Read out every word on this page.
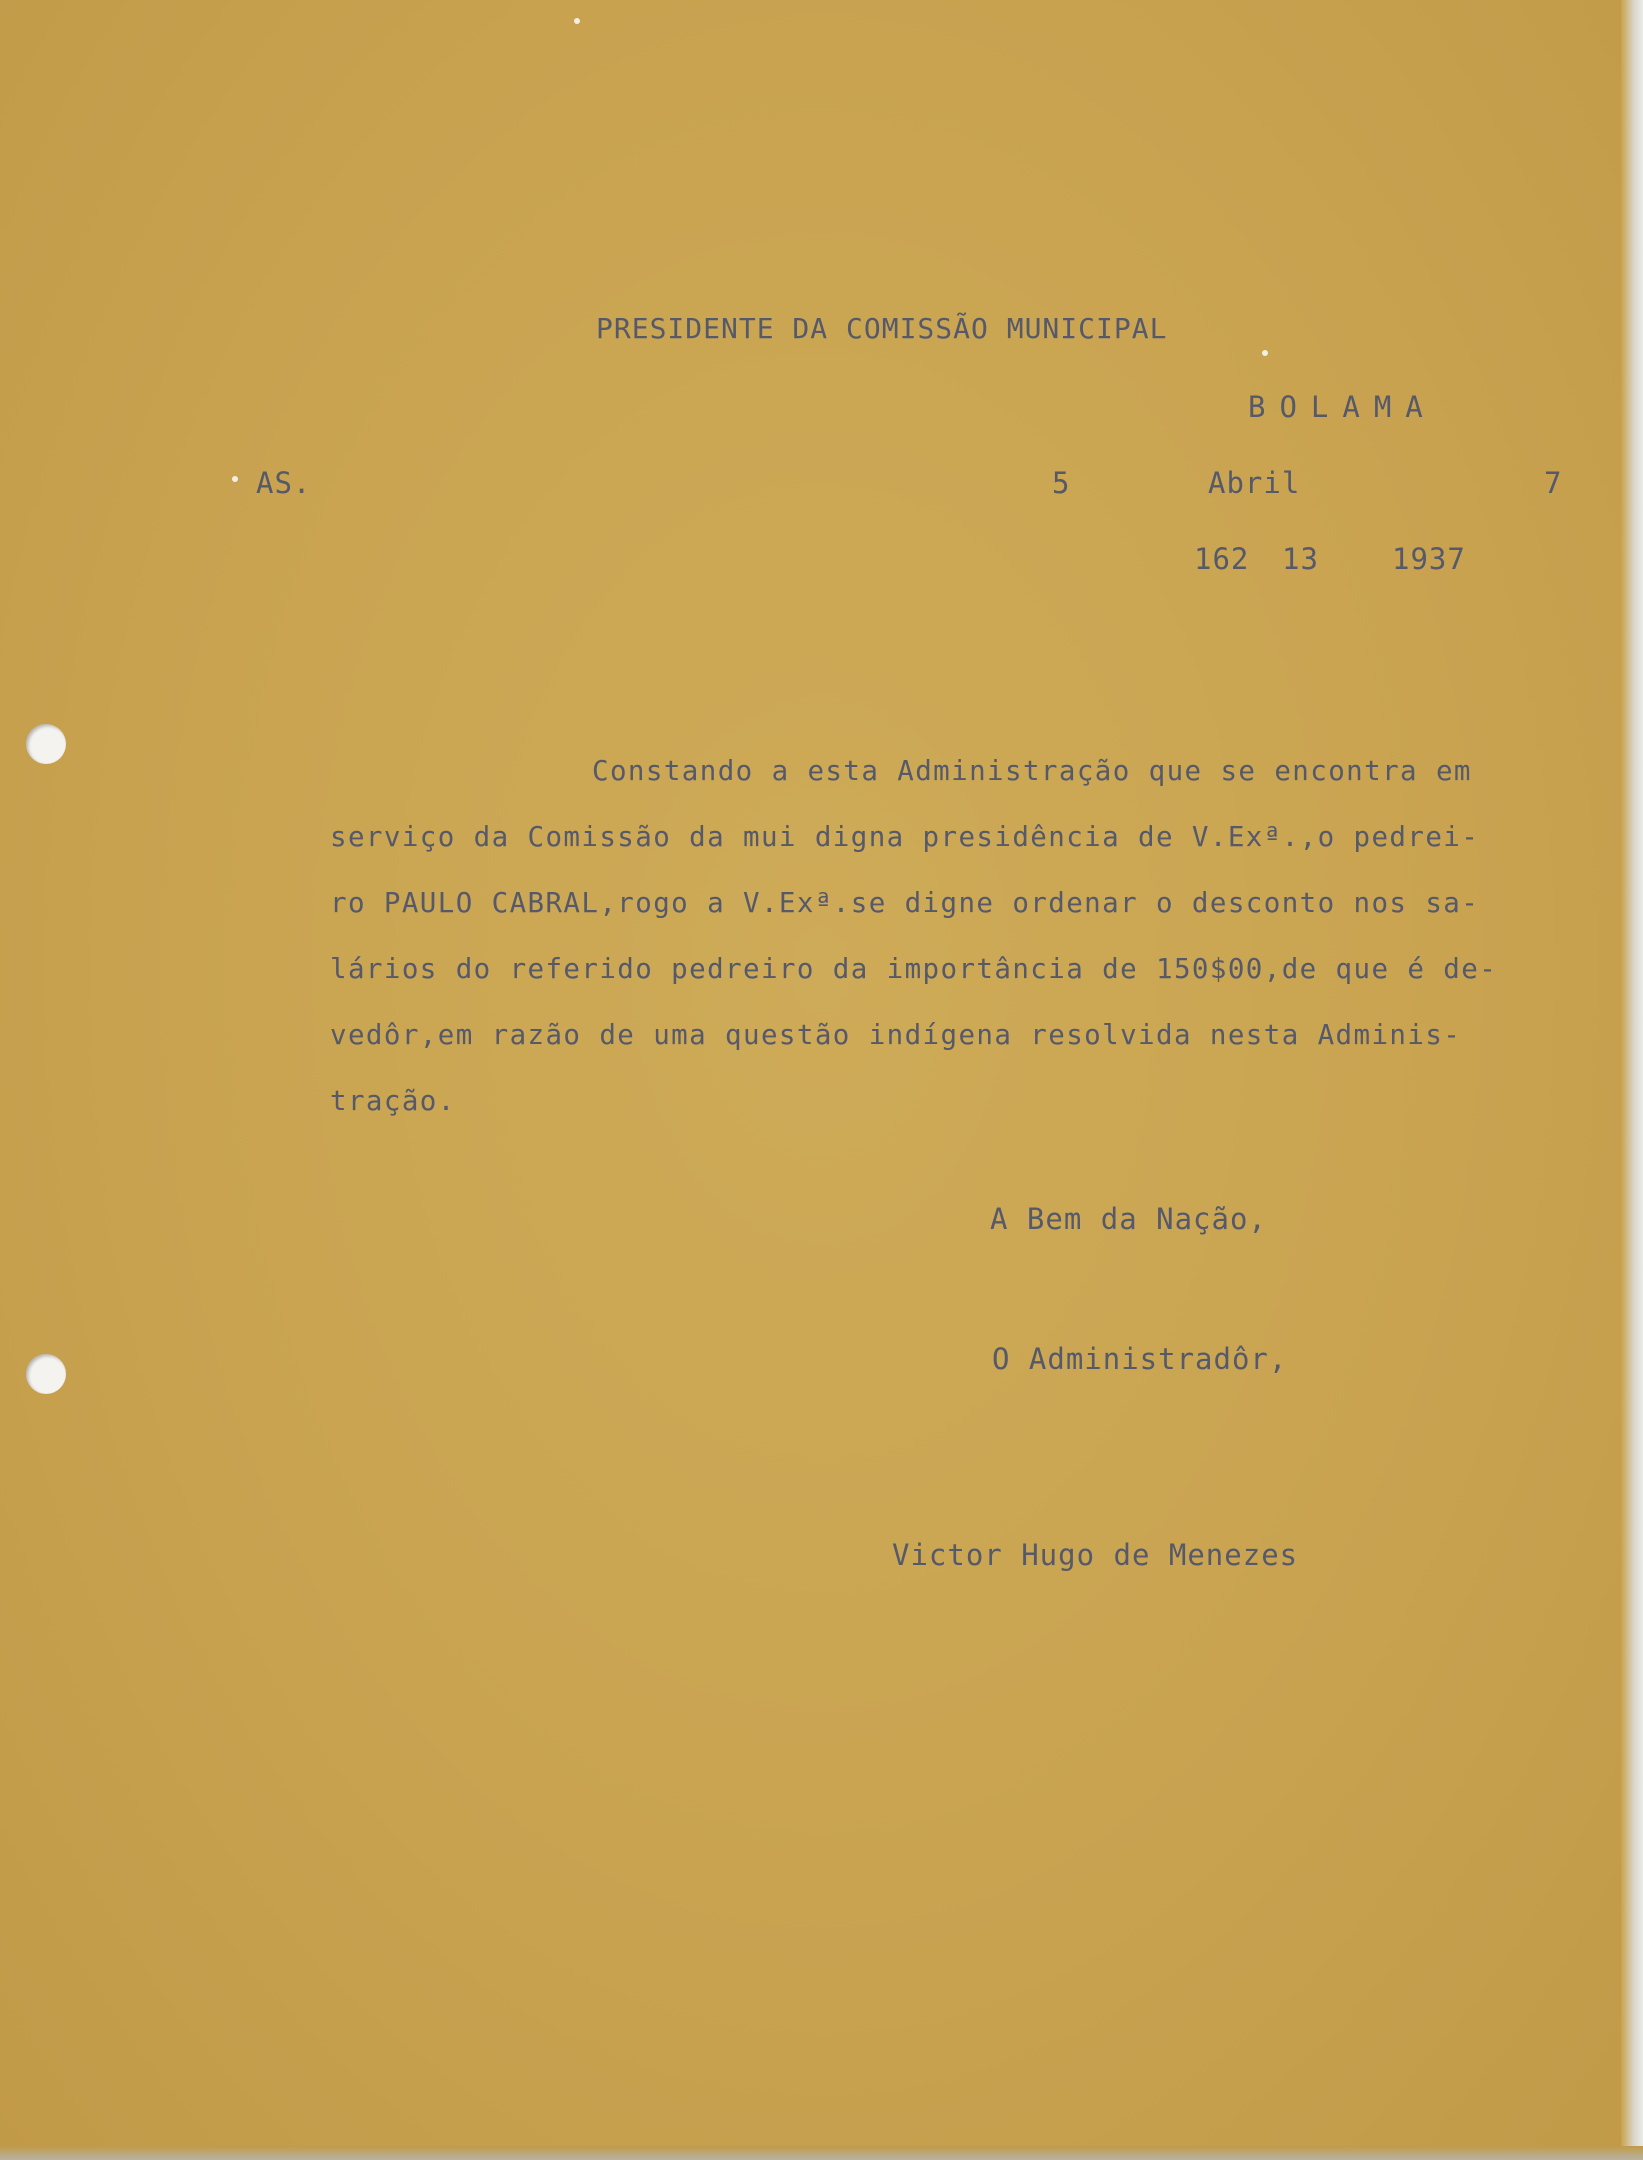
PRESIDENTE DA COMISSÃO MUNICIPAL
BOLAMA
AS.	5	Abril	7
162 13	1937
Constando a esta Administração que se encontra em
serviço da Comissão da mui digna presidência de V.Exª.,o pedrei-
ro PAULO CABRAL,rogo a V.Exª.se digne ordenar o desconto nos sa-
lários do referido pedreiro da importância de 150$00,de que é de-
vedôr,em razão de uma questão indígena resolvida nesta Adminis-
tração.
A Bem da Nação,
O Administradôr,
Victor Hugo de Menezes
